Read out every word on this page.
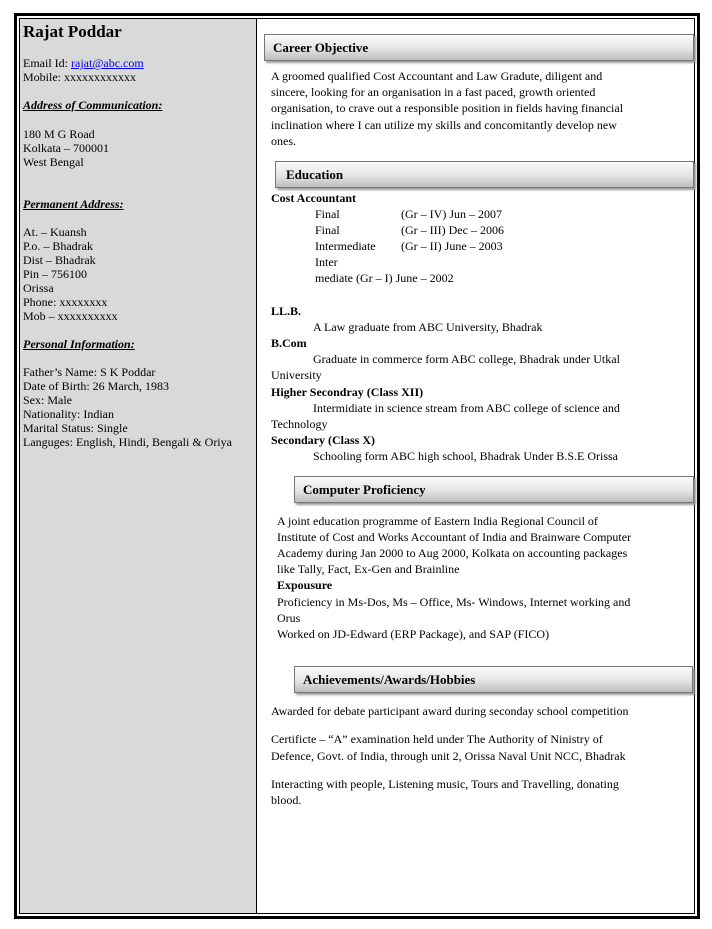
Rajat Poddar
Email Id: rajat@abc.com
Mobile: xxxxxxxxxxxx
Address of Communication:
180 M G Road
Kolkata – 700001
West Bengal
Permanent Address:
At. – Kuansh
P.o. – Bhadrak
Dist – Bhadrak
Pin – 756100
Orissa
Phone: xxxxxxxx
Mob – xxxxxxxxxx
Personal Information:
Father’s Name: S K Poddar
Date of Birth: 26 March, 1983
Sex: Male
Nationality: Indian
Marital Status: Single
Languges: English, Hindi, Bengali & Oriya
Career Objective
A groomed qualified Cost Accountant and Law Gradute, diligent and
sincere, looking for an organisation in a fast paced, growth oriented
organisation, to crave out a responsible position in fields having financial
inclination where I can utilize my skills and concomitantly develop new
ones.
Education
Cost Accountant
Final	(Gr – IV) Jun – 2007
Final	(Gr – III) Dec – 2006
Intermediate (Gr – II) June – 2003
Inter
mediate (Gr – I) June – 2002
LL.B.
A Law graduate from ABC University, Bhadrak
B.Com
Graduate in commerce form ABC college, Bhadrak under Utkal
University
Higher Secondray (Class XII)
Intermidiate in science stream from ABC college of science and
Technology
Secondary (Class X)
Schooling form ABC high school, Bhadrak Under B.S.E Orissa
Computer Proficiency
A joint education programme of Eastern India Regional Council of
Institute of Cost and Works Accountant of India and Brainware Computer
Academy during Jan 2000 to Aug 2000, Kolkata on accounting packages
like Tally, Fact, Ex-Gen and Brainline
Expousure
Proficiency in Ms-Dos, Ms – Office, Ms- Windows, Internet working and
Orus
Worked on JD-Edward (ERP Package), and SAP (FICO)
Achievements/Awards/Hobbies
Awarded for debate participant award during seconday school competition
Certificte – “A” examination held under The Authority of Ninistry of
Defence, Govt. of India, through unit 2, Orissa Naval Unit NCC, Bhadrak
Interacting with people, Listening music, Tours and Travelling, donating
blood.
